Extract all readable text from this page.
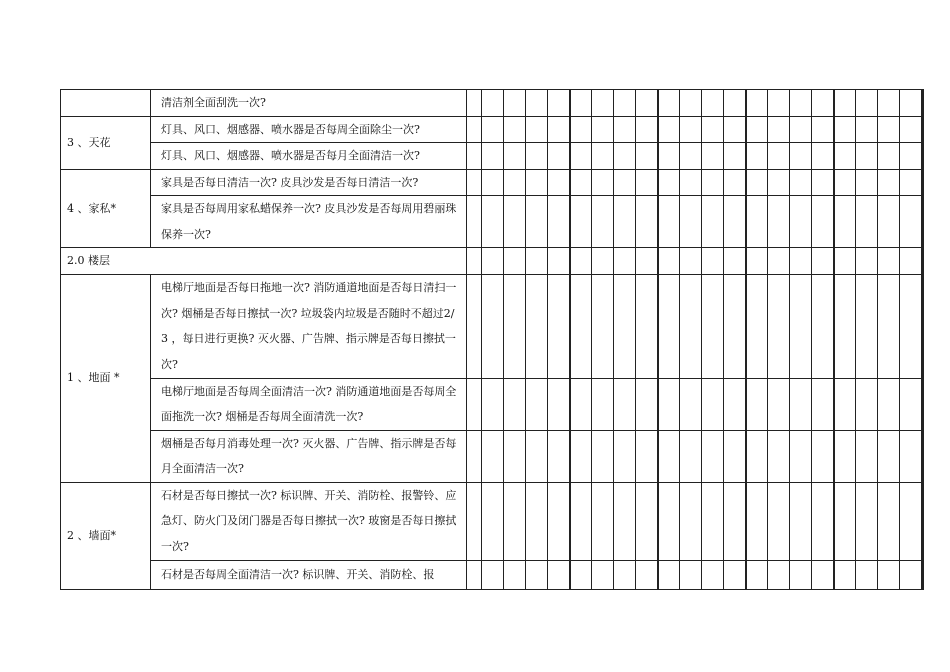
	清洁剂全面刮洗一次?																						
3 、天花	灯具、风口、烟感器、喷水器是否每周全面除尘一次?																						
	灯具、风口、烟感器、喷水器是否每月全面清洁一次?																						
4 、家私*	家具是否每日清洁一次? 皮具沙发是否每日清洁一次?																						
	家具是否每周用家私蜡保养一次? 皮具沙发是否每周用碧丽珠保养一次?																						
2.0 楼层																							
1 、地面 *	电梯厅地面是否每日拖地一次? 消防通道地面是否每日清扫一次? 烟桶是否每日擦拭一次? 垃圾袋内垃圾是否随时不超过2/3 ，每日进行更换? 灭火器、广告牌、指示牌是否每日擦拭一次?																						
	电梯厅地面是否每周全面清洁一次? 消防通道地面是否每周全面拖洗一次? 烟桶是否每周全面清洗一次?																						
	烟桶是否每月消毒处理一次? 灭火器、广告牌、指示牌是否每月全面清洁一次?																						
2 、墙面*	石材是否每日擦拭一次? 标识牌、开关、消防栓、报警铃、应急灯、防火门及闭门器是否每日擦拭一次? 玻窗是否每日擦拭一次?																						
	石材是否每周全面清洁一次? 标识牌、开关、消防栓、报																						
